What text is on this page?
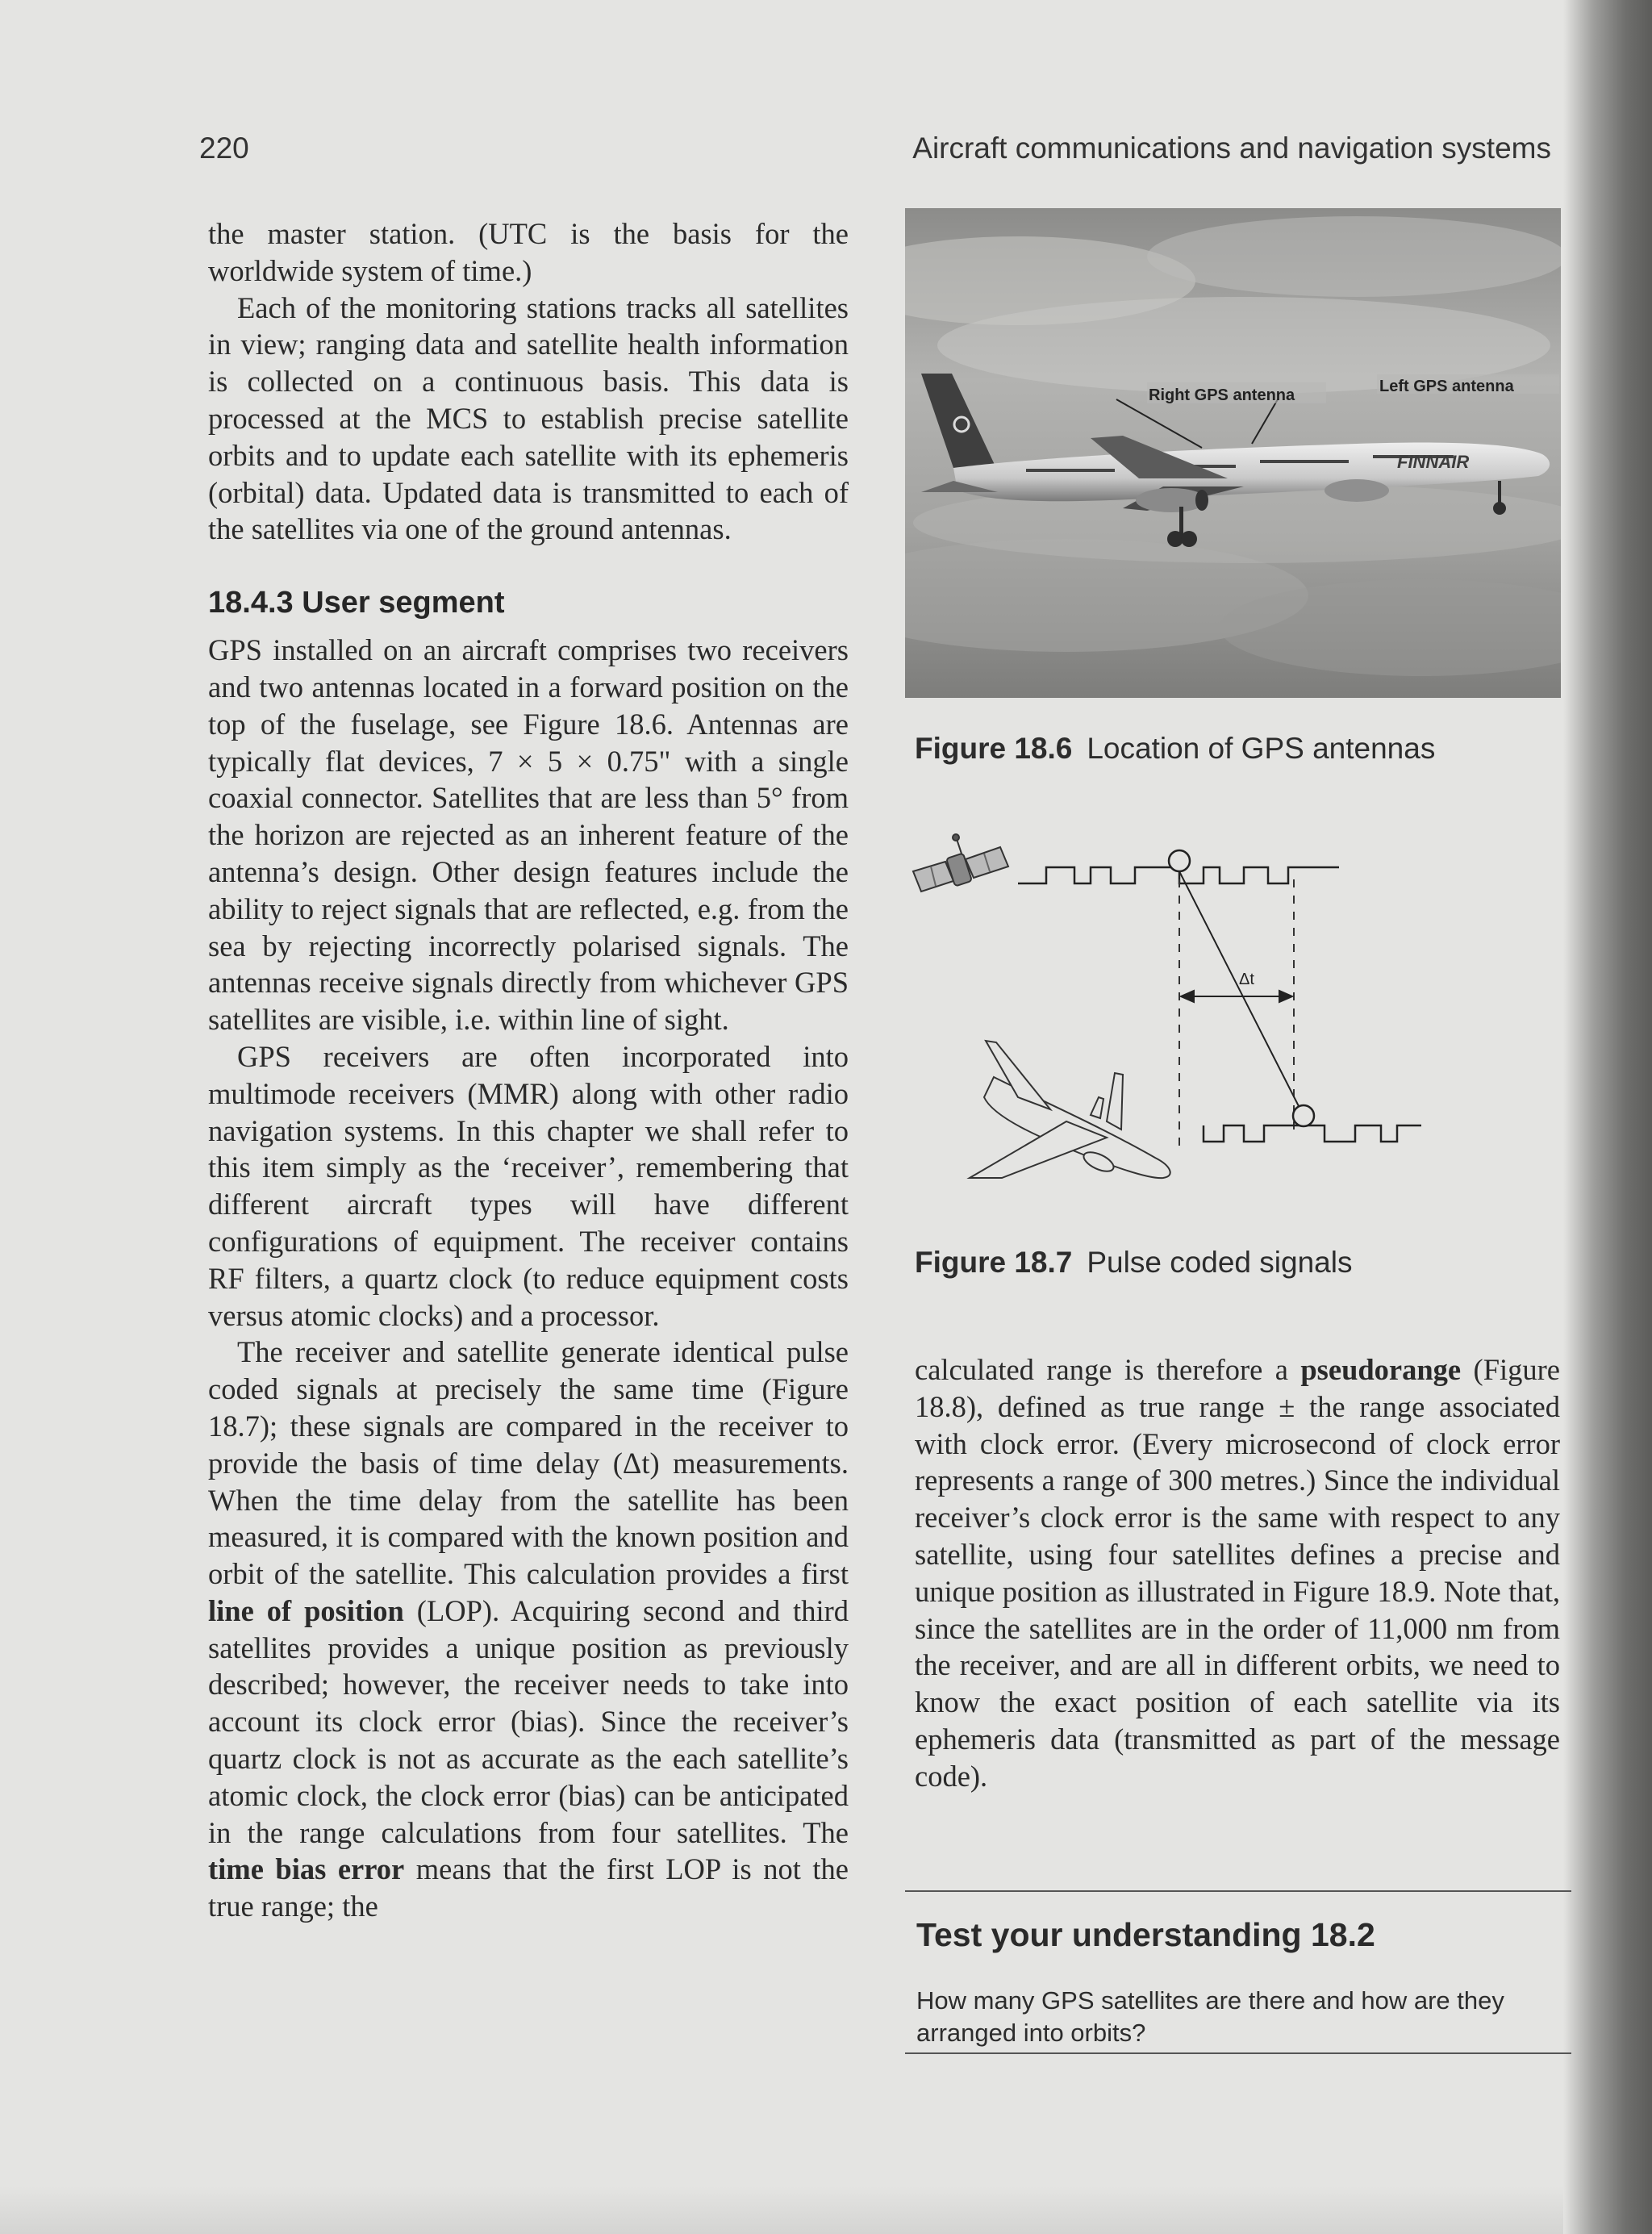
220	Aircraft communications and navigation systems

the master station. (UTC is the basis for the worldwide system of time.)

Each of the monitoring stations tracks all satellites in view; ranging data and satellite health information is collected on a continuous basis. This data is processed at the MCS to establish precise satellite orbits and to update each satellite with its ephemeris (orbital) data. Updated data is transmitted to each of the satellites via one of the ground antennas.

18.4.3 User segment

GPS installed on an aircraft comprises two receivers and two antennas located in a forward position on the top of the fuselage, see Figure 18.6. Antennas are typically flat devices, 7 × 5 × 0.75" with a single coaxial connector. Satellites that are less than 5° from the horizon are rejected as an inherent feature of the antenna’s design. Other design features include the ability to reject signals that are reflected, e.g. from the sea by rejecting incorrectly polarised signals. The antennas receive signals directly from whichever GPS satellites are visible, i.e. within line of sight.

GPS receivers are often incorporated into multimode receivers (MMR) along with other radio navigation systems. In this chapter we shall refer to this item simply as the ‘receiver’, remembering that different aircraft types will have different configurations of equipment. The receiver contains RF filters, a quartz clock (to reduce equipment costs versus atomic clocks) and a processor.

The receiver and satellite generate identical pulse coded signals at precisely the same time (Figure 18.7); these signals are compared in the receiver to provide the basis of time delay (Δt) measurements. When the time delay from the satellite has been measured, it is compared with the known position and orbit of the satellite. This calculation provides a first line of position (LOP). Acquiring second and third satellites provides a unique position as previously described; however, the receiver needs to take into account its clock error (bias). Since the receiver’s quartz clock is not as accurate as the each satellite’s atomic clock, the clock error (bias) can be anticipated in the range calculations from four satellites. The time bias error means that the first LOP is not the true range; the

FINNAIR
Right GPS antenna	Left GPS antenna
Figure 18.6 Location of GPS antennas
Δt
Figure 18.7 Pulse coded signals

calculated range is therefore a pseudorange (Figure 18.8), defined as true range ± the range associated with clock error. (Every microsecond of clock error represents a range of 300 metres.) Since the individual receiver’s clock error is the same with respect to any satellite, using four satellites defines a precise and unique position as illustrated in Figure 18.9. Note that, since the satellites are in the order of 11,000 nm from the receiver, and are all in different orbits, we need to know the exact position of each satellite via its ephemeris data (transmitted as part of the message code).

Test your understanding 18.2
How many GPS satellites are there and how are they arranged into orbits?
